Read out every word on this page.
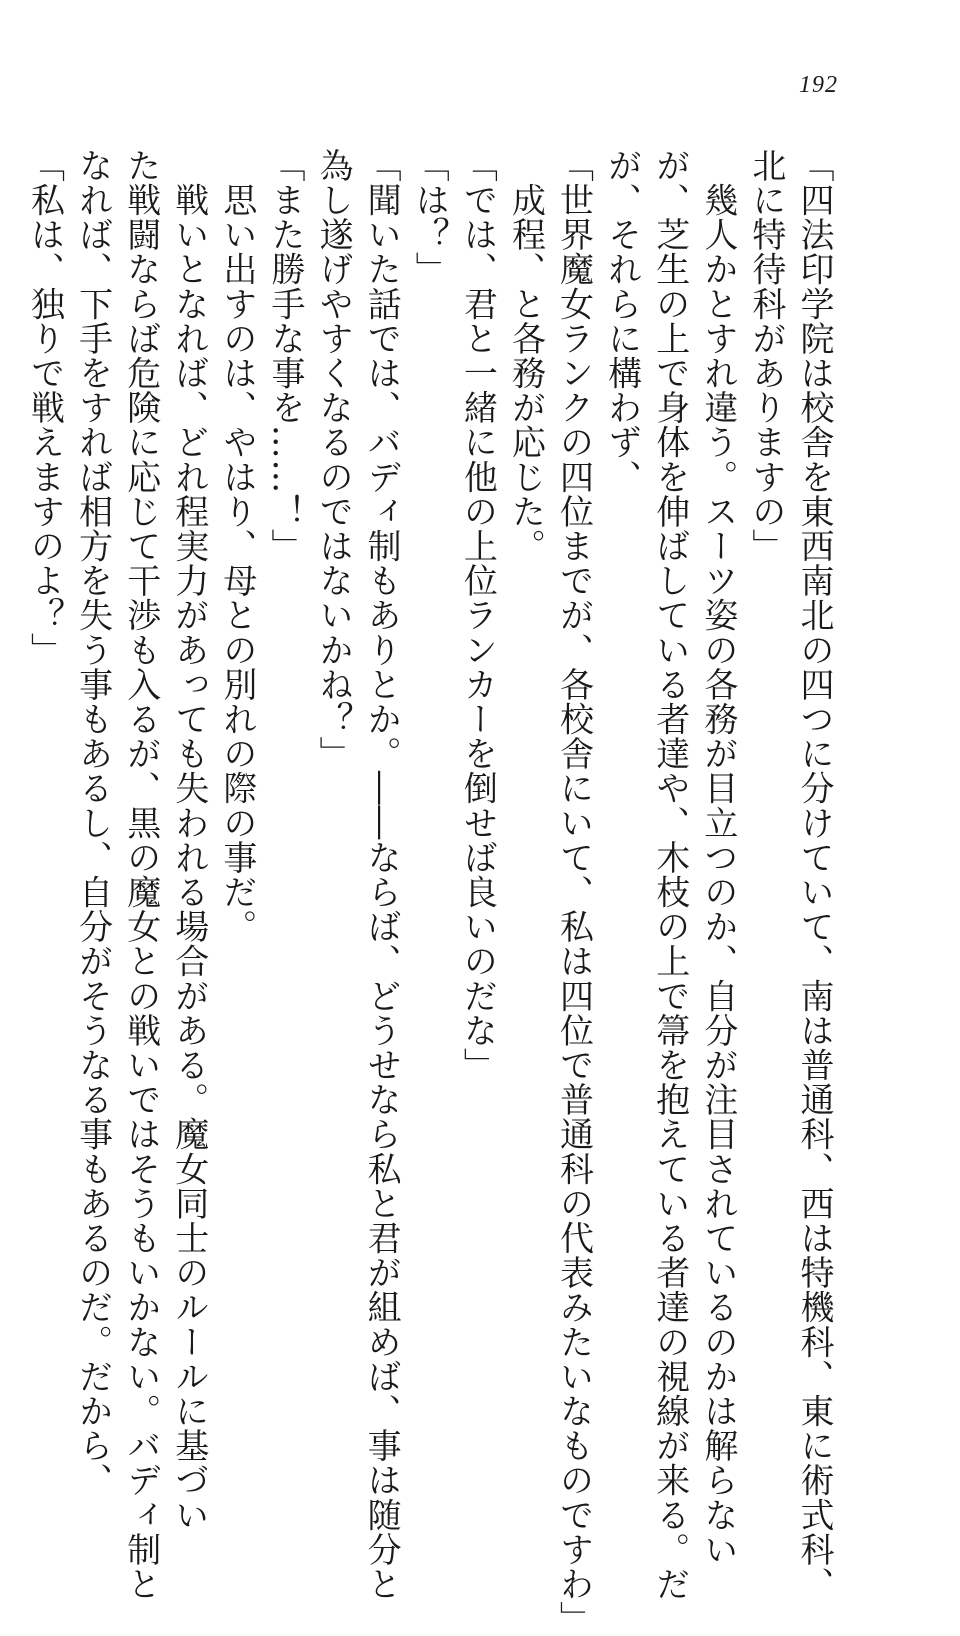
192

「四法印学院は校舎を東西南北の四つに分けていて、南は普通科、西は特機科、東に術式科、

北に特待科がありますの」

　幾人かとすれ違う。スーツ姿の各務が目立つのか、自分が注目されているのかは解らない

が、芝生の上で身体を伸ばしている者達や、木枝の上で箒を抱えている者達の視線が来る。だ

が、それらに構わず、

「世界魔女ランクの四位までが、各校舎にいて、私は四位で普通科の代表みたいなものですわ」

　成程、と各務が応じた。

「では、君と一緒に他の上位ランカーを倒せば良いのだな」

「は？」

「聞いた話では、バディ制もありとか。――ならば、どうせなら私と君が組めば、事は随分と

為し遂げやすくなるのではないかね？」

「また勝手な事を……！」

　思い出すのは、やはり、母との別れの際の事だ。

　戦いとなれば、どれ程実力があっても失われる場合がある。魔女同士のルールに基づい

た戦闘ならば危険に応じて干渉も入るが、黒の魔女との戦いではそうもいかない。バディ制と

なれば、下手をすれば相方を失う事もあるし、自分がそうなる事もあるのだ。だから、

「私は、独りで戦えますのよ？」
